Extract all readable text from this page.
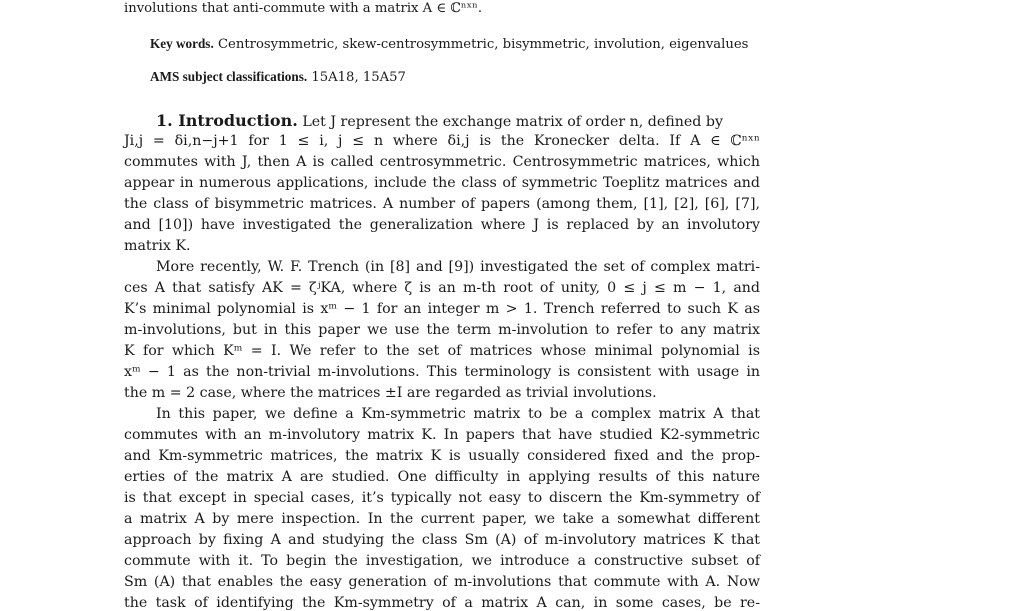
involutions that anti-commute with a matrix A ∈ ℂⁿˣⁿ.
Key words. Centrosymmetric, skew-centrosymmetric, bisymmetric, involution, eigenvalues
AMS subject classifications. 15A18, 15A57
1. Introduction. Let J represent the exchange matrix of order n, defined by
Ji,j = δi,n−j+1 for 1 ≤ i, j ≤ n where δi,j is the Kronecker delta. If A ∈ ℂⁿˣⁿ
commutes with J, then A is called centrosymmetric. Centrosymmetric matrices, which
appear in numerous applications, include the class of symmetric Toeplitz matrices and
the class of bisymmetric matrices. A number of papers (among them, [1], [2], [6], [7],
and [10]) have investigated the generalization where J is replaced by an involutory
matrix K.
More recently, W. F. Trench (in [8] and [9]) investigated the set of complex matri-
ces A that satisfy AK = ζʲKA, where ζ is an m-th root of unity, 0 ≤ j ≤ m − 1, and
K’s minimal polynomial is xᵐ − 1 for an integer m > 1. Trench referred to such K as
m-involutions, but in this paper we use the term m-involution to refer to any matrix
K for which Kᵐ = I. We refer to the set of matrices whose minimal polynomial is
xᵐ − 1 as the non-trivial m-involutions. This terminology is consistent with usage in
the m = 2 case, where the matrices ±I are regarded as trivial involutions.
In this paper, we define a Km-symmetric matrix to be a complex matrix A that
commutes with an m-involutory matrix K. In papers that have studied K2-symmetric
and Km-symmetric matrices, the matrix K is usually considered fixed and the prop-
erties of the matrix A are studied. One difficulty in applying results of this nature
is that except in special cases, it’s typically not easy to discern the Km-symmetry of
a matrix A by mere inspection. In the current paper, we take a somewhat different
approach by fixing A and studying the class Sm (A) of m-involutory matrices K that
commute with it. To begin the investigation, we introduce a constructive subset of
Sm (A) that enables the easy generation of m-involutions that commute with A. Now
the task of identifying the Km-symmetry of a matrix A can, in some cases, be re-
